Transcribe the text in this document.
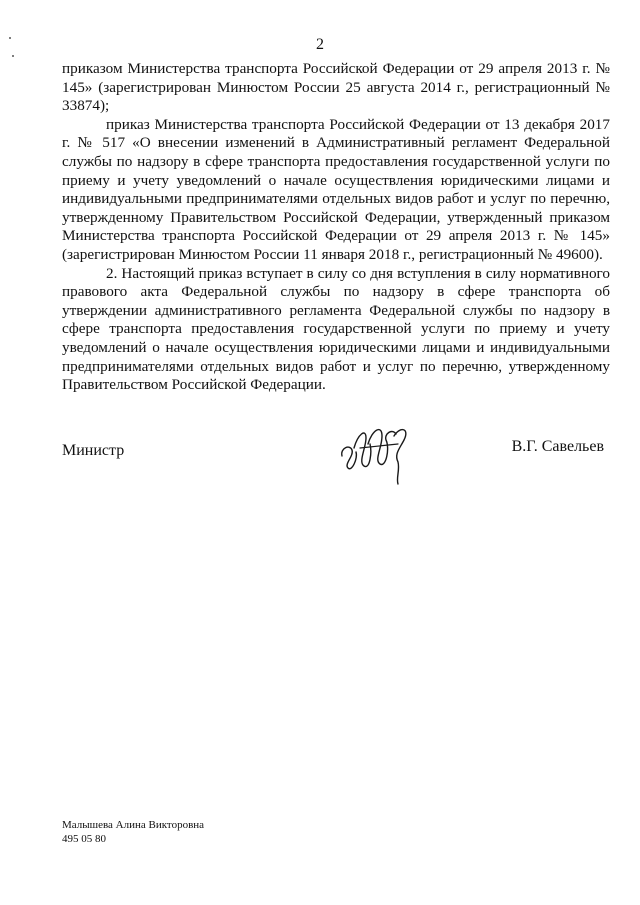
2

приказом Министерства транспорта Российской Федерации от 29 апреля 2013 г. № 145» (зарегистрирован Минюстом России 25 августа 2014 г., регистрационный № 33874);

приказ Министерства транспорта Российской Федерации от 13 декабря 2017 г. № 517 «О внесении изменений в Административный регламент Федеральной службы по надзору в сфере транспорта предоставления государственной услуги по приему и учету уведомлений о начале осуществления юридическими лицами и индивидуальными предпринимателями отдельных видов работ и услуг по перечню, утвержденному Правительством Российской Федерации, утвержденный приказом Министерства транспорта Российской Федерации от 29 апреля 2013 г. № 145» (зарегистрирован Минюстом России 11 января 2018 г., регистрационный № 49600).

2. Настоящий приказ вступает в силу со дня вступления в силу нормативного правового акта Федеральной службы по надзору в сфере транспорта об утверждении административного регламента Федеральной службы по надзору в сфере транспорта предоставления государственной услуги по приему и учету уведомлений о начале осуществления юридическими лицами и индивидуальными предпринимателями отдельных видов работ и услуг по перечню, утвержденному Правительством Российской Федерации.

Министр	В.Г. Савельев
Малышева Алина Викторовна
495 05 80
